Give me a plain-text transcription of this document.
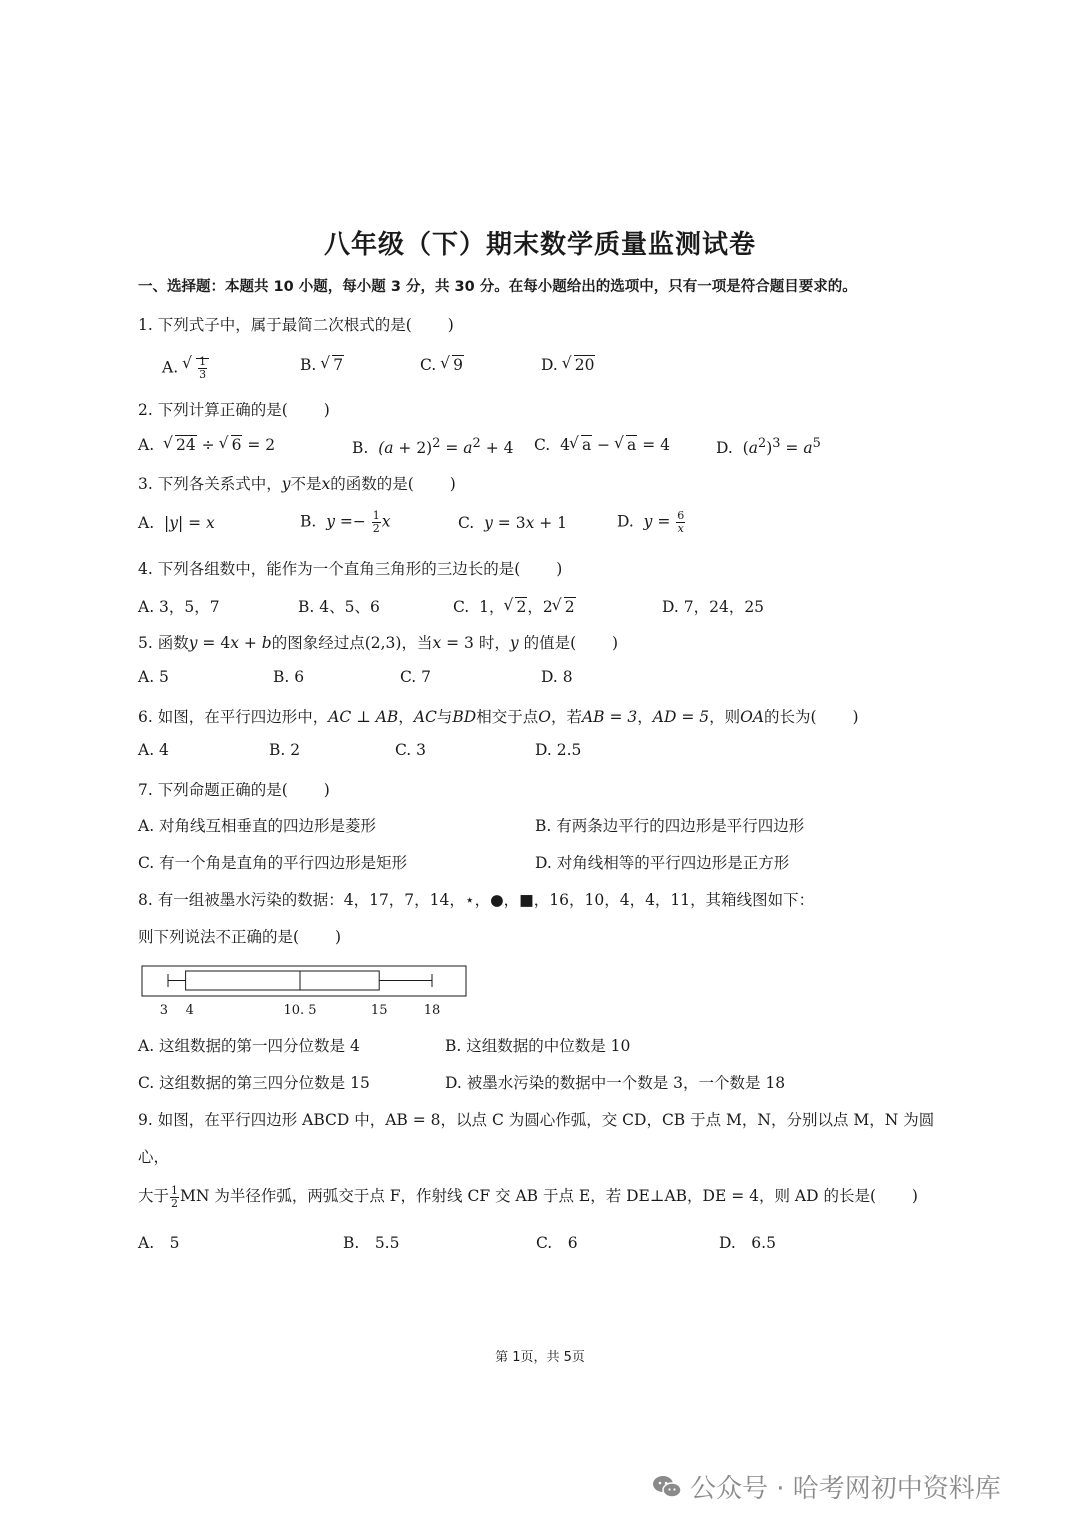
八年级（下）期末数学质量监测试卷
一、选择题：本题共 10 小题，每小题 3 分，共 30 分。在每小题给出的选项中，只有一项是符合题目要求的。
1. 下列式子中，属于最简二次根式的是(　　 )
A. √ $\frac{1}{3}$	B. √ 7	C. √ 9	D. √ 20
2. 下列计算正确的是(　　 )
A. √ 24 ÷ √ 6 = 2	B. $(a + 2)^2 = a^2 + 4$ C.  4 √ a − √ a = 4	D.  $(a^2)^3 = a^5$
3. 下列各关系式中，y不是x的函数的是(　　 )
A.  |y| = x	B. $y =- \frac{1}{2}$ x	C. y = 3x + 1	D. $y = \frac{6}{x}$
4. 下列各组数中，能作为一个直角三角形的三边长的是(　　 )
A. 3，5，7	B. 4、5、6	C.  1， √ 2，2 √ 2	D. 7，24，25
5. 函数y = 4x + b的图象经过点(2,3)，当x = 3 时，y 的值是(　　 )
A. 5	B. 6	C. 7	D. 8
6. 如图，在平行四边形中，AC ⊥ AB，AC与BD相交于点O，若AB = 3，AD = 5，则OA的长为(　　 )
A. 4	B. 2	C. 3	D. 2.5
7. 下列命题正确的是(　　 )
A. 对角线互相垂直的四边形是菱形	B. 有两条边平行的四边形是平行四边形
C. 有一个角是直角的平行四边形是矩形	D. 对角线相等的平行四边形是正方形
8. 有一组被墨水污染的数据：4，17，7，14，⋆，●，■，16，10，4，4，11，其箱线图如下：
则下列说法不正确的是(　　 )
3 4	10. 5	15	18
A. 这组数据的第一四分位数是 4	B. 这组数据的中位数是 10
C. 这组数据的第三四分位数是 15	D. 被墨水污染的数据中一个数是 3，一个数是 18
9. 如图，在平行四边形 ABCD 中，AB = 8，以点 C 为圆心作弧，交 CD，CB 于点 M，N，分别以点 M，N 为圆
心，
大于 $\frac{1}{2}$ MN 为半径作弧，两弧交于点 F，作射线 CF 交 AB 于点 E，若 DE⊥AB，DE = 4，则 AD 的长是(　　 )
A.　5	B.　5.5	C.　6	D.　6.5
第 1页，共 5页
公众号 · 哈考网初中资料库
